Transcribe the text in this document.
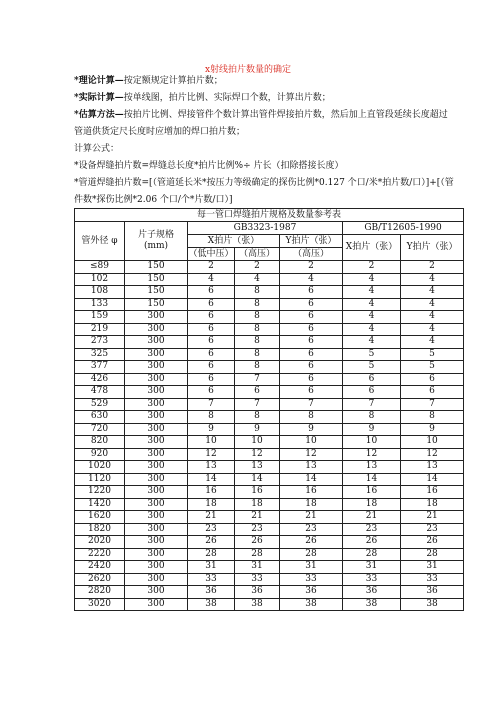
x射线拍片数量的确定
*理论计算—按定额规定计算拍片数；
*实际计算—按单线图，拍片比例、实际焊口个数，计算出片数；
*估算方法—按拍片比例、焊接管件个数计算出管件焊接拍片数，然后加上直管段延续长度超过管道供货定尺长度时应增加的焊口拍片数；
计算公式：
*设备焊缝拍片数=焊缝总长度*拍片比例%÷ 片长（扣除搭接长度）
*管道焊缝拍片数=[（管道延长米*按压力等级确定的探伤比例*0.127 个口/米*拍片数/口）]+[（管件数*探伤比例*2.06 个口/个*片数/口）]
每一管口焊缝拍片规格及数量参考表						
管外径 φ	片子规格 (mm)	GB3323-1987			GB/T12605-1990	
		X拍片（张）		Y拍片（张）	X拍片（张）	Y拍片（张）
		（低中压）	（高压）	（高压）		
≤89	150	2	2	2	2	2
102	150	4	4	4	4	4
108	150	6	8	6	4	4
133	150	6	8	6	4	4
159	300	6	8	6	4	4
219	300	6	8	6	4	4
273	300	6	8	6	4	4
325	300	6	8	6	5	5
377	300	6	8	6	5	5
426	300	6	7	6	6	6
478	300	6	6	6	6	6
529	300	7	7	7	7	7
630	300	8	8	8	8	8
720	300	9	9	9	9	9
820	300	10	10	10	10	10
920	300	12	12	12	12	12
1020	300	13	13	13	13	13
1120	300	14	14	14	14	14
1220	300	16	16	16	16	16
1420	300	18	18	18	18	18
1620	300	21	21	21	21	21
1820	300	23	23	23	23	23
2020	300	26	26	26	26	26
2220	300	28	28	28	28	28
2420	300	31	31	31	31	31
2620	300	33	33	33	33	33
2820	300	36	36	36	36	36
3020	300	38	38	38	38	38
